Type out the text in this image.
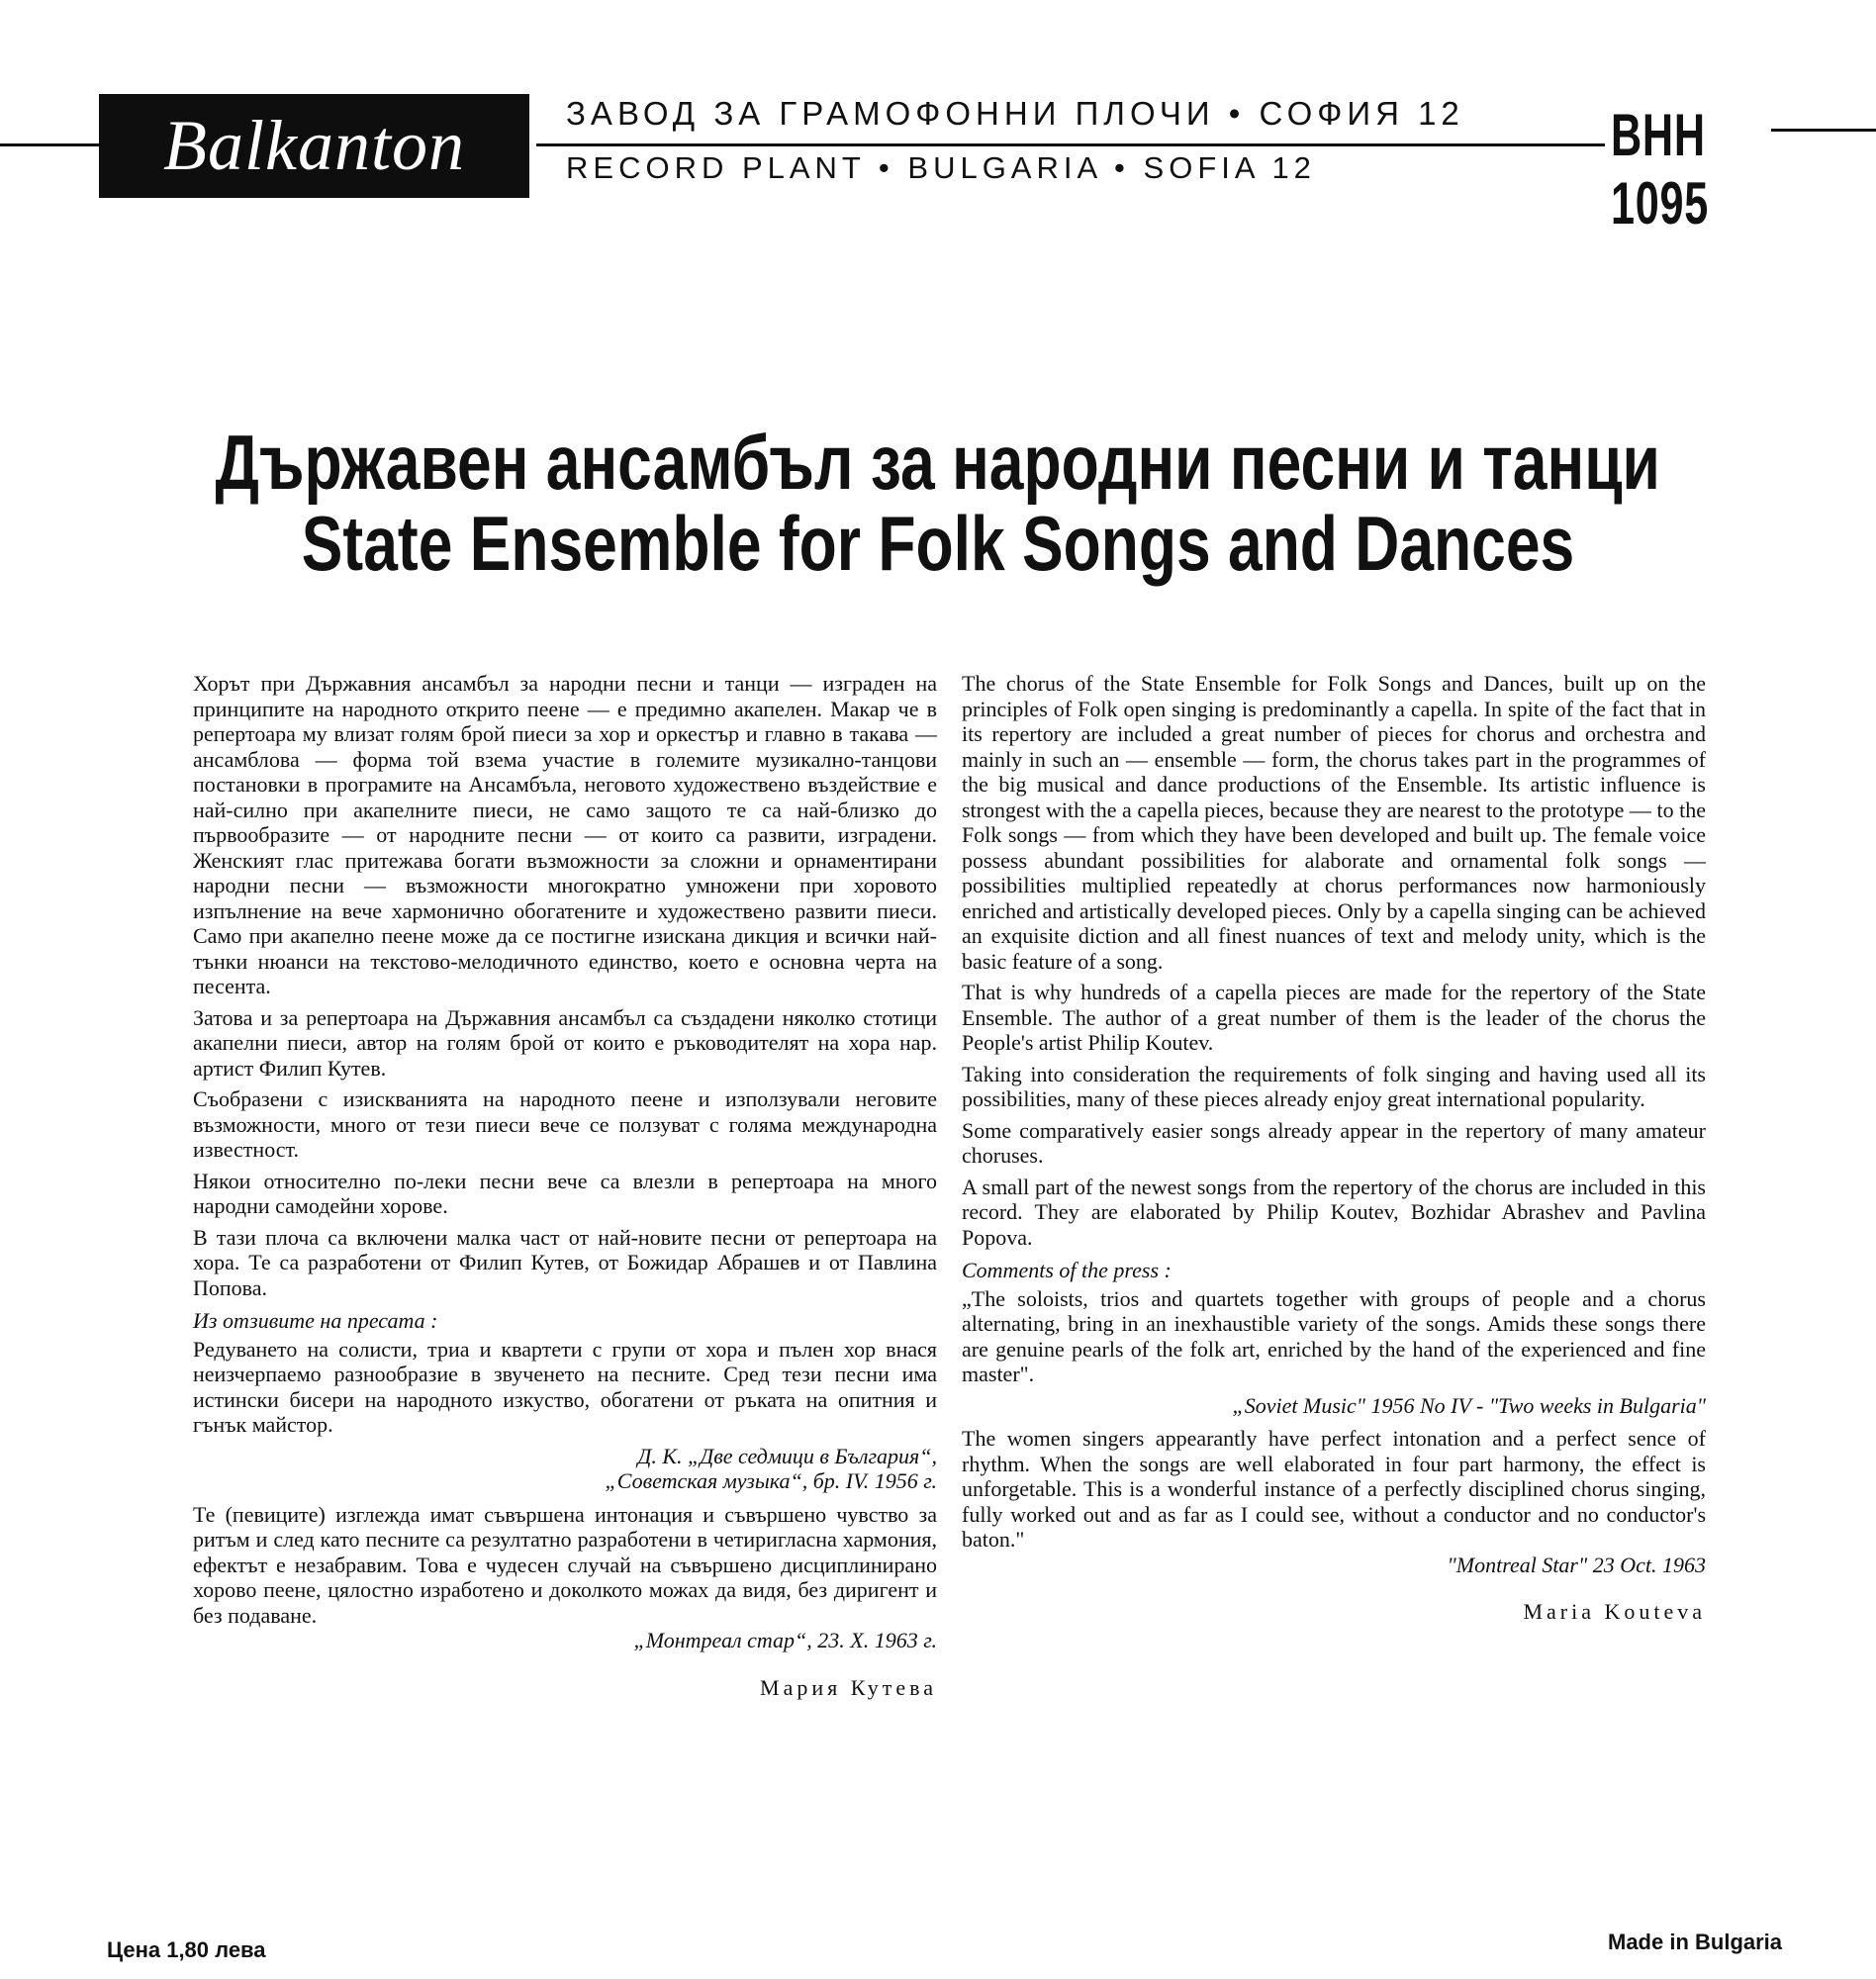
Balkanton	ЗАВОД ЗА ГРАМОФОННИ ПЛОЧИ • СОФИЯ 12
RECORD PLANT • BULGARIA • SOFIA 12	ВНН 1095
Държавен ансамбъл за народни песни и танци
State Ensemble for Folk Songs and Dances

Хорът при Държавния ансамбъл за народни песни и танци — изграден на принципите на народното открито пеене — е предимно акапелен. Макар че в репертоара му влизат голям брой пиеси за хор и оркестър и главно в такава — ансамблова — форма той взема участие в големите музикално-танцови постановки в програмите на Ансамбъла, неговото художествено въздействие е най-силно при акапелните пиеси, не само защото те са най-близко до първообразите — от народните песни — от които са развити, изградени. Женският глас притежава богати възможности за сложни и орнаментирани народни песни — възможности многократно умножени при хоровото изпълнение на вече хармонично обогатените и художествено развити пиеси. Само при акапелно пеене може да се постигне изискана дикция и всички най-тънки нюанси на текстово-мелодичното единство, което е основна черта на песента.

Затова и за репертоара на Държавния ансамбъл са създадени няколко стотици акапелни пиеси, автор на голям брой от които е ръководителят на хора нар. артист Филип Кутев.

Съобразени с изискванията на народното пеене и използували неговите възможности, много от тези пиеси вече се ползуват с голяма международна известност.

Някои относително по-леки песни вече са влезли в репертоара на много народни самодейни хорове.

В тази плоча са включени малка част от най-новите песни от репертоара на хора. Те са разработени от Филип Кутев, от Божидар Абрашев и от Павлина Попова.

Из отзивите на пресата :

Редуването на солисти, триа и квартети с групи от хора и пълен хор внася неизчерпаемо разнообразие в звученето на песните. Сред тези песни има истински бисери на народното изкуство, обогатени от ръката на опитния и гънък майстор.

Д. К. „Две седмици в България“,

„Советская музыка“, бр. IV. 1956 г.

Те (певиците) изглежда имат съвършена интонация и съвършено чувство за ритъм и след като песните са резултатно разработени в четиригласна хармония, ефектът е незабравим. Това е чудесен случай на съвършено дисциплинирано хорово пеене, цялостно изработено и доколкото можах да видя, без диригент и без подаване.

„Монтреал стар“, 23. X. 1963 г.

Мария Кутева

The chorus of the State Ensemble for Folk Songs and Dances, built up on the principles of Folk open singing is predominantly a capella. In spite of the fact that in its repertory are included a great number of pieces for chorus and orchestra and mainly in such an — ensemble — form, the chorus takes part in the programmes of the big musical and dance productions of the Ensemble. Its artistic influence is strongest with the a capella pieces, because they are nearest to the prototype — to the Folk songs — from which they have been developed and built up. The female voice possess abundant possibilities for alaborate and ornamental folk songs — possibilities multiplied repeatedly at chorus performances now harmoniously enriched and artistically developed pieces. Only by a capella singing can be achieved an exquisite diction and all finest nuances of text and melody unity, which is the basic feature of a song.

That is why hundreds of a capella pieces are made for the repertory of the State Ensemble. The author of a great number of them is the leader of the chorus the People's artist Philip Koutev.

Taking into consideration the requirements of folk singing and having used all its possibilities, many of these pieces already enjoy great international popularity.

Some comparatively easier songs already appear in the repertory of many amateur choruses.

A small part of the newest songs from the repertory of the chorus are included in this record. They are elaborated by Philip Koutev, Bozhidar Abrashev and Pavlina Popova.

Comments of the press :

„The soloists, trios and quartets together with groups of people and a chorus alternating, bring in an inexhaustible variety of the songs. Amids these songs there are genuine pearls of the folk art, enriched by the hand of the experienced and fine master".

„Soviet Music" 1956 No IV - "Two weeks in Bulgaria"

The women singers appearantly have perfect intonation and a perfect sence of rhythm. When the songs are well elaborated in four part harmony, the effect is unforgetable. This is a wonderful instance of a perfectly disciplined chorus singing, fully worked out and as far as I could see, without a conductor and no conductor's baton."

"Montreal Star" 23 Oct. 1963

Maria Kouteva

Цена 1,80 лева	Made in Bulgaria
